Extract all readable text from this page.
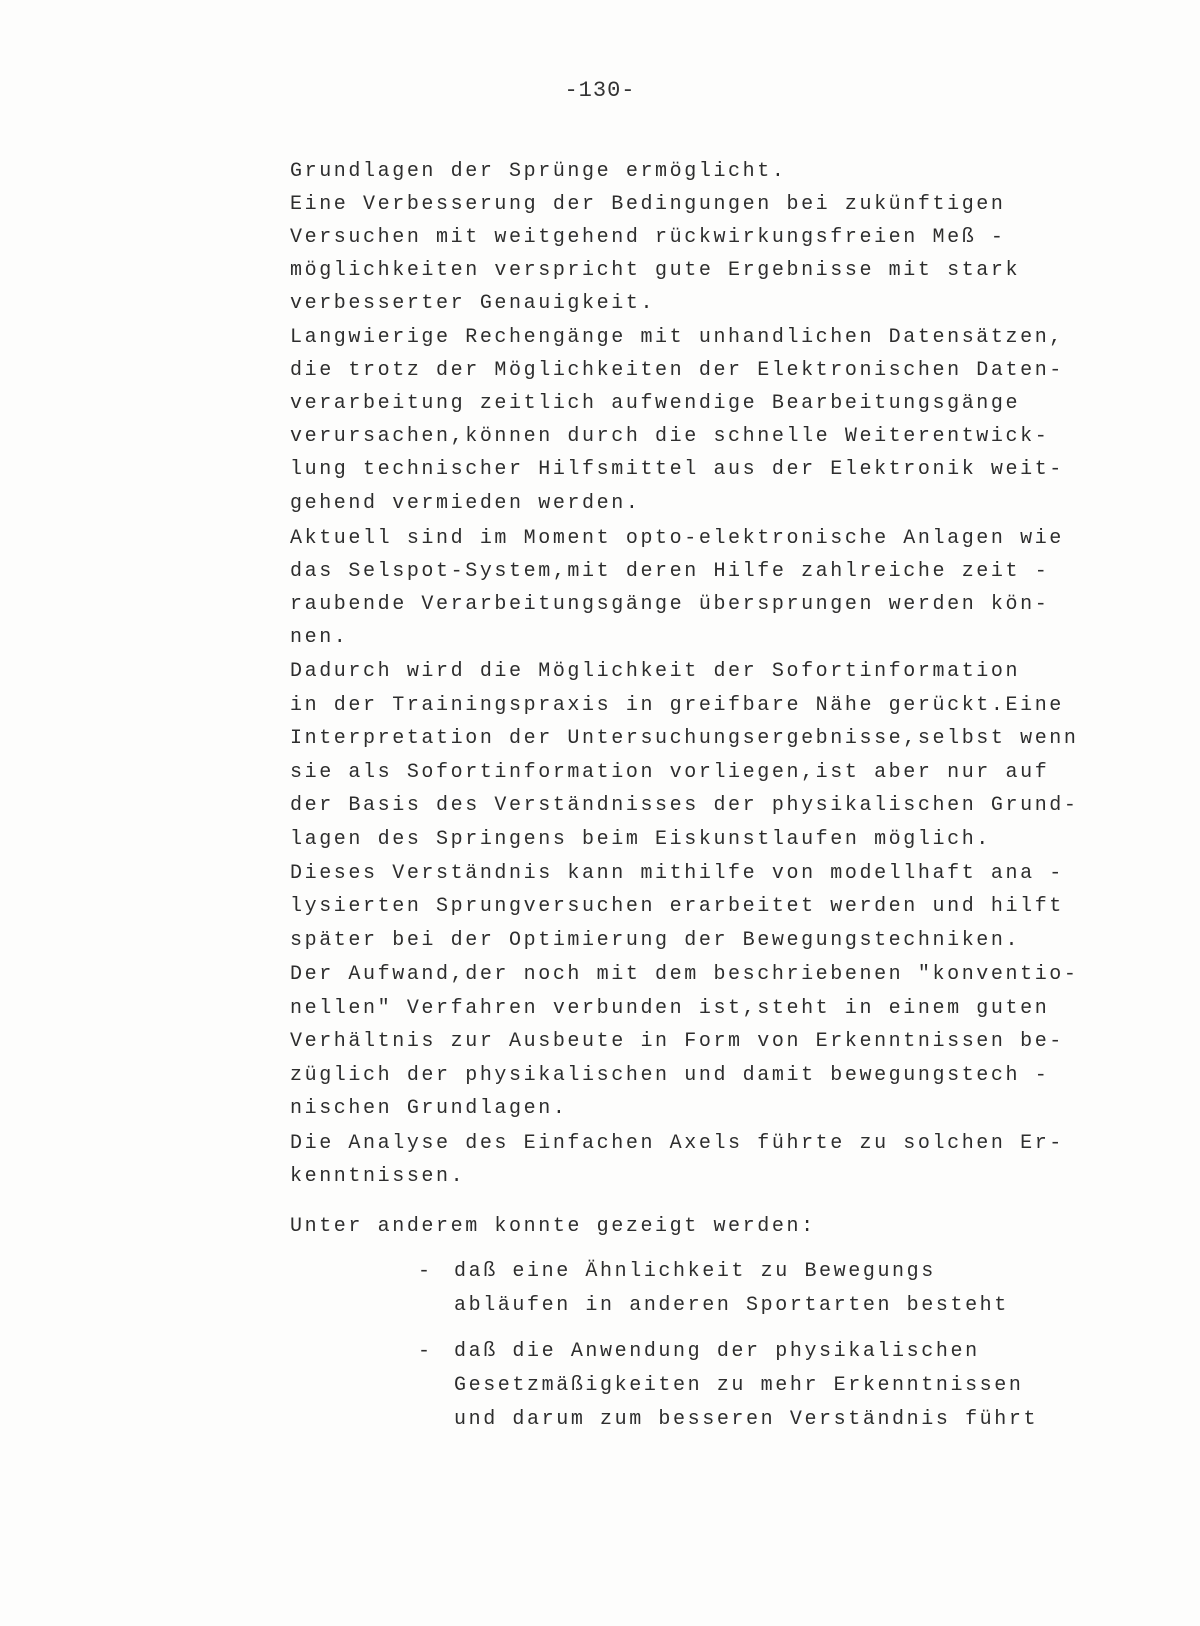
-130-
Grundlagen der Sprünge ermöglicht.
Eine Verbesserung der Bedingungen bei zukünftigen
Versuchen mit weitgehend rückwirkungsfreien Meß -
möglichkeiten verspricht gute Ergebnisse mit stark
verbesserter Genauigkeit.
Langwierige Rechengänge mit unhandlichen Datensätzen,
die trotz der Möglichkeiten der Elektronischen Daten-
verarbeitung zeitlich aufwendige Bearbeitungsgänge
verursachen,können durch die schnelle Weiterentwick-
lung technischer Hilfsmittel aus der Elektronik weit-
gehend vermieden werden.
Aktuell sind im Moment opto-elektronische Anlagen wie
das Selspot-System,mit deren Hilfe zahlreiche zeit -
raubende Verarbeitungsgänge übersprungen werden kön-
nen.
Dadurch wird die Möglichkeit der Sofortinformation
in der Trainingspraxis in greifbare Nähe gerückt.Eine
Interpretation der Untersuchungsergebnisse,selbst wenn
sie als Sofortinformation vorliegen,ist aber nur auf
der Basis des Verständnisses der physikalischen Grund-
lagen des Springens beim Eiskunstlaufen möglich.
Dieses Verständnis kann mithilfe von modellhaft ana -
lysierten Sprungversuchen erarbeitet werden und hilft
später bei der Optimierung der Bewegungstechniken.
Der Aufwand,der noch mit dem beschriebenen "konventio-
nellen" Verfahren verbunden ist,steht in einem guten
Verhältnis zur Ausbeute in Form von Erkenntnissen be-
züglich der physikalischen und damit bewegungstech -
nischen Grundlagen.
Die Analyse des Einfachen Axels führte zu solchen Er-
kenntnissen.
Unter anderem konnte gezeigt werden:
- daß eine Ähnlichkeit zu Bewegungs
abläufen in anderen Sportarten besteht
- daß die Anwendung der physikalischen
Gesetzmäßigkeiten zu mehr Erkenntnissen
und darum zum besseren Verständnis führt
